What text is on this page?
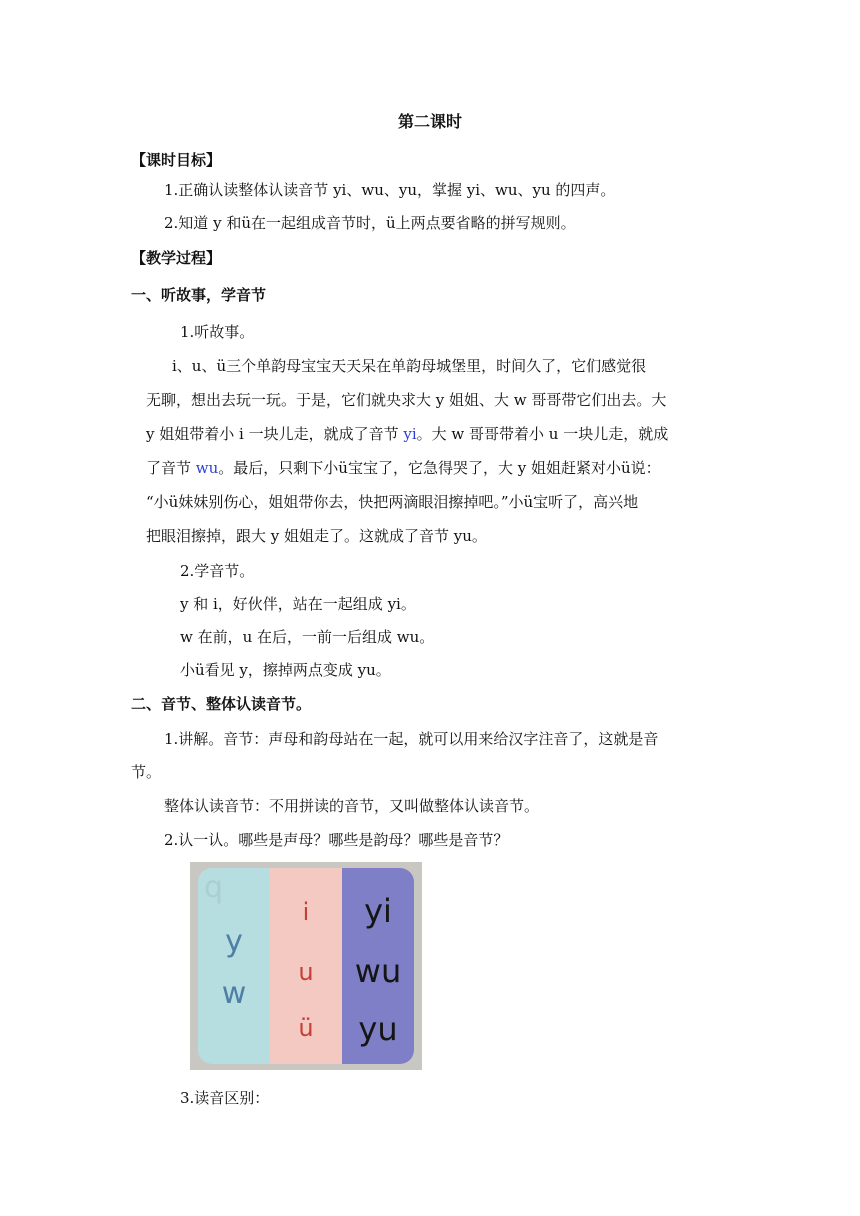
第二课时
【课时目标】
1.正确认读整体认读音节 yi、wu、yu，掌握 yi、wu、yu 的四声。
2.知道 y 和ü在一起组成音节时，ü上两点要省略的拼写规则。
【教学过程】
一、听故事，学音节
1.听故事。
i、u、ü三个单韵母宝宝天天呆在单韵母城堡里，时间久了，它们感觉很
无聊，想出去玩一玩。于是，它们就央求大 y 姐姐、大 w 哥哥带它们出去。大
y 姐姐带着小 i 一块儿走，就成了音节 yi。大 w 哥哥带着小 u 一块儿走，就成
了音节 wu。最后，只剩下小ü宝宝了，它急得哭了，大 y 姐姐赶紧对小ü说：
“小ü妹妹别伤心，姐姐带你去，快把两滴眼泪擦掉吧。”小ü宝听了，高兴地
把眼泪擦掉，跟大 y 姐姐走了。这就成了音节 yu。
2.学音节。
y 和 i，好伙伴，站在一起组成 yi。
w 在前，u 在后，一前一后组成 wu。
小ü看见 y，擦掉两点变成 yu。
二、音节、整体认读音节。
1.讲解。音节：声母和韵母站在一起，就可以用来给汉字注音了，这就是音
节。
整体认读音节：不用拼读的音节，又叫做整体认读音节。
2.认一认。哪些是声母？哪些是韵母？哪些是音节？
q
y
w
i
u
ü
yi
wu
yu
3.读音区别：
